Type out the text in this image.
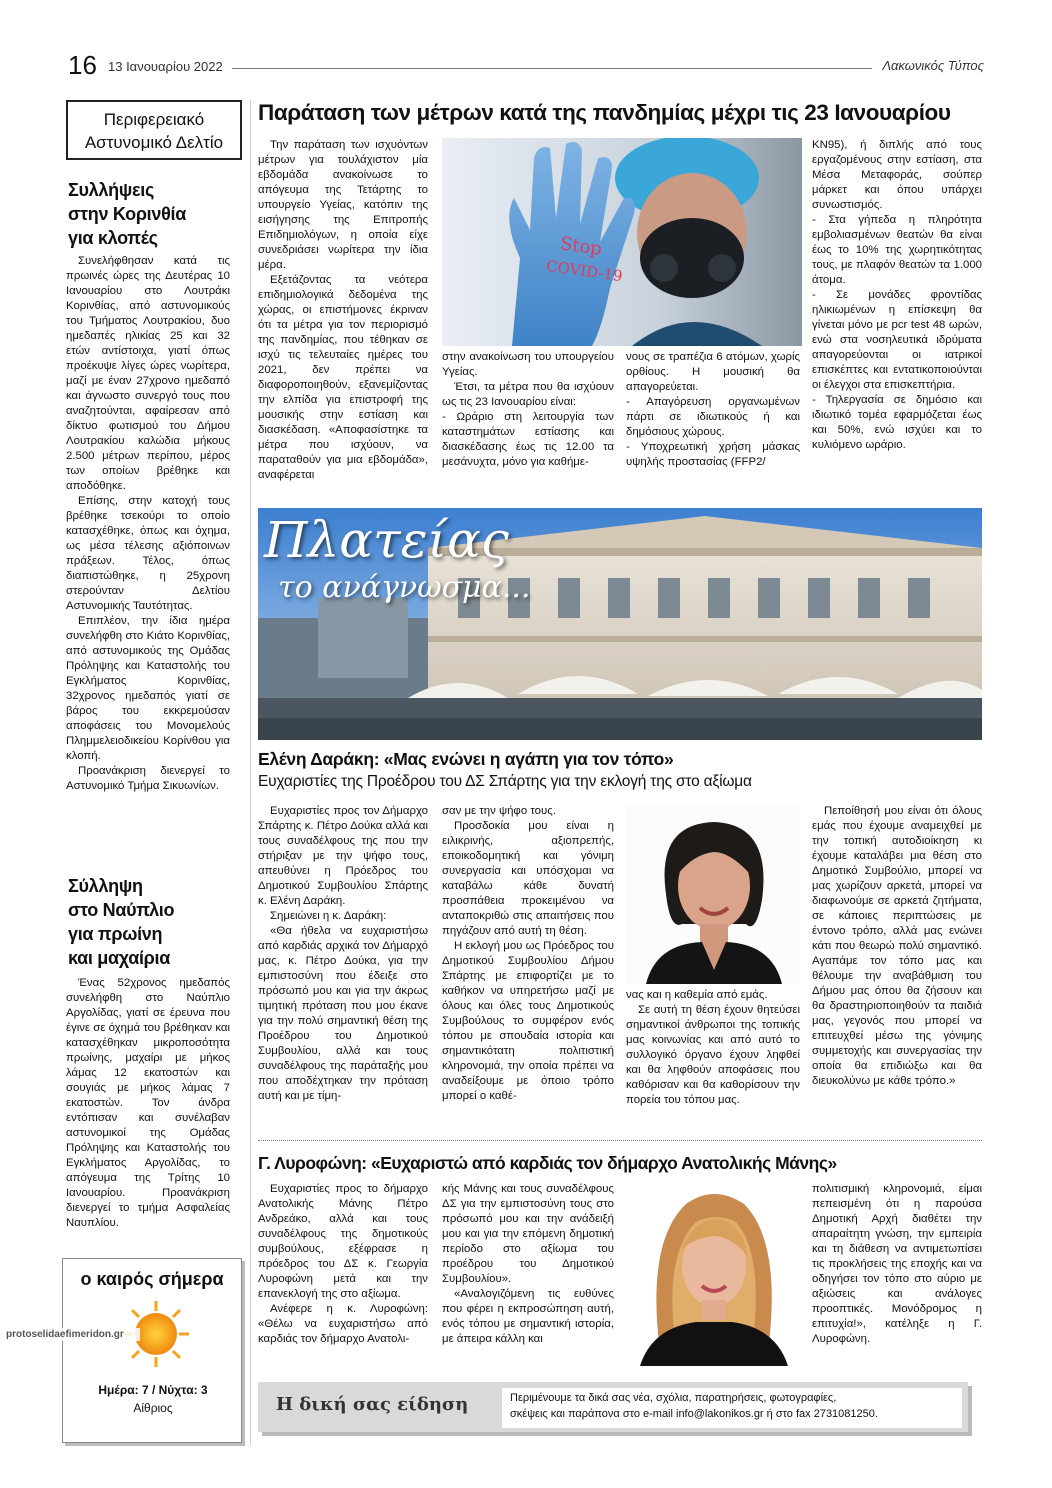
16 13 Ιανουαρίου 2022	Λακωνικός Τύπος
Περιφερειακό
Αστυνομικό Δελτίο
Συλλήψεις
στην Κορινθία
για κλοπές

Συνελήφθησαν κατά τις πρωινές ώρες της Δευτέρας 10 Ιανουαρίου στο Λουτράκι Κορινθίας, από αστυνομικούς του Τμήματος Λουτρακίου, δυο ημεδαπές ηλικίας 25 και 32 ετών αντίστοιχα, γιατί όπως προέκυψε λίγες ώρες νωρίτερα, μαζί με έναν 27χρονο ημεδαπό και άγνωστο συνεργό τους που αναζητούνται, αφαίρεσαν από δίκτυο φωτισμού του Δήμου Λουτρακίου καλώδια μήκους 2.500 μέτρων περίπου, μέρος των οποίων βρέθηκε και αποδόθηκε.

Επίσης, στην κατοχή τους βρέθηκε τσεκούρι το οποίο κατασχέθηκε, όπως και όχημα, ως μέσα τέλεσης αξιόποινων πράξεων. Τέλος, όπως διαπιστώθηκε, η 25χρονη στερούνταν Δελτίου Αστυνομικής Ταυτότητας.

Επιπλέον, την ίδια ημέρα συνελήφθη στο Κιάτο Κορινθίας, από αστυνομικούς της Ομάδας Πρόληψης και Καταστολής του Εγκλήματος Κορινθίας, 32χρονος ημεδαπός γιατί σε βάρος του εκκρεμούσαν αποφάσεις του Μονομελούς Πλημμελειοδικείου Κορίνθου για κλοπή.

Προανάκριση διενεργεί το Αστυνομικό Τμήμα Σικυωνίων.

Σύλληψη
στο Ναύπλιο
για πρωίνη
και μαχαίρια

Ένας 52χρονος ημεδαπός συνελήφθη στο Ναύπλιο Αργολίδας, γιατί σε έρευνα που έγινε σε όχημά του βρέθηκαν και κατασχέθηκαν μικροποσότητα πρωίνης, μαχαίρι με μήκος λάμας 12 εκατοστών και σουγιάς με μήκος λάμας 7 εκατοστών. Τον άνδρα εντόπισαν και συνέλαβαν αστυνομικοί της Ομάδας Πρόληψης και Καταστολής του Εγκλήματος Αργολίδας, το απόγευμα της Τρίτης 10 Ιανουαρίου. Προανάκριση διενεργεί το τμήμα Ασφαλείας Ναυπλίου.

ο καιρός σήμερα
Ημέρα: 7 / Νύχτα: 3
Αίθριος
protoselidaefimeridon.gr
Παράταση των μέτρων κατά της πανδημίας μέχρι τις 23 Ιανουαρίου

Την παράταση των ισχυόντων μέτρων για τουλάχιστον μία εβδομάδα ανακοίνωσε το απόγευμα της Τετάρτης το υπουργείο Υγείας, κατόπιν της εισήγησης της Επιτροπής Επιδημιολόγων, η οποία είχε συνεδριάσει νωρίτερα την ίδια μέρα.

Εξετάζοντας τα νεότερα επιδημιολογικά δεδομένα της χώρας, οι επιστήμονες έκριναν ότι τα μέτρα για τον περιορισμό της πανδημίας, που τέθηκαν σε ισχύ τις τελευταίες ημέρες του 2021, δεν πρέπει να διαφοροποιηθούν, εξανεμίζοντας την ελπίδα για επιστροφή της μουσικής στην εστίαση και διασκέδαση. «Αποφασίστηκε τα μέτρα που ισχύουν, να παραταθούν για μια εβδομάδα», αναφέρεται

Stop
COVID-19

στην ανακοίνωση του υπουργείου Υγείας.

Έτσι, τα μέτρα που θα ισχύουν ως τις 23 Ιανουαρίου είναι:

- Ωράριο στη λειτουργία των καταστημάτων εστίασης και διασκέδασης έως τις 12.00 τα μεσάνυχτα, μόνο για καθήμε-

νους σε τραπέζια 6 ατόμων, χωρίς ορθίους. Η μουσική θα απαγορεύεται.

- Απαγόρευση οργανωμένων πάρτι σε ιδιωτικούς ή και δημόσιους χώρους.

- Υποχρεωτική χρήση μάσκας υψηλής προστασίας (FFP2/

KN95), ή διπλής από τους εργαζομένους στην εστίαση, στα Μέσα Μεταφοράς, σούπερ μάρκετ και όπου υπάρχει συνωστισμός.

- Στα γήπεδα η πληρότητα εμβολιασμένων θεατών θα είναι έως το 10% της χωρητικότητας τους, με πλαφόν θεατών τα 1.000 άτομα.

- Σε μονάδες φροντίδας ηλικιωμένων η επίσκεψη θα γίνεται μόνο με pcr test 48 ωρών, ενώ στα νοσηλευτικά ιδρύματα απαγορεύονται οι ιατρικοί επισκέπτες και εντατικοποιούνται οι έλεγχοι στα επισκεπτήρια.

- Τηλεργασία σε δημόσιο και ιδιωτικό τομέα εφαρμόζεται έως και 50%, ενώ ισχύει και το κυλιόμενο ωράριο.

Πλατείας
το ανάγνωσμα...
Ελένη Δαράκη: «Μας ενώνει η αγάπη για τον τόπο»
Ευχαριστίες της Προέδρου του ΔΣ Σπάρτης για την εκλογή της στο αξίωμα

Ευχαριστίες προς τον Δήμαρχο Σπάρτης κ. Πέτρο Δούκα αλλά και τους συναδέλφους της που την στήριξαν με την ψήφο τους, απευθύνει η Πρόεδρος του Δημοτικού Συμβουλίου Σπάρτης κ. Ελένη Δαράκη.

Σημειώνει η κ. Δαράκη:

«Θα ήθελα να ευχαριστήσω από καρδιάς αρχικά τον Δήμαρχό μας, κ. Πέτρο Δούκα, για την εμπιστοσύνη που έδειξε στο πρόσωπό μου και για την άκρως τιμητική πρόταση που μου έκανε για την πολύ σημαντική θέση της Προέδρου του Δημοτικού Συμβουλίου, αλλά και τους συναδέλφους της παράταξής μου που αποδέχτηκαν την πρόταση αυτή και με τίμη-

σαν με την ψήφο τους.

Προσδοκία μου είναι η ειλικρινής, αξιοπρεπής, εποικοδομητική και γόνιμη συνεργασία και υπόσχομαι να καταβάλω κάθε δυνατή προσπάθεια προκειμένου να ανταποκριθώ στις απαιτήσεις που πηγάζουν από αυτή τη θέση.

Η εκλογή μου ως Πρόεδρος του Δημοτικού Συμβουλίου Δήμου Σπάρτης με επιφορτίζει με το καθήκον να υπηρετήσω μαζί με όλους και όλες τους Δημοτικούς Συμβούλους το συμφέρον ενός τόπου με σπουδαία ιστορία και σημαντικότατη πολιτιστική κληρονομιά, την οποία πρέπει να αναδείξουμε με όποιο τρόπο μπορεί ο καθέ-

νας και η καθεμία από εμάς.

Σε αυτή τη θέση έχουν θητεύσει σημαντικοί άνθρωποι της τοπικής μας κοινωνίας και από αυτό το συλλογικό όργανο έχουν ληφθεί και θα ληφθούν αποφάσεις που καθόρισαν και θα καθορίσουν την πορεία του τόπου μας.

Πεποίθησή μου είναι ότι όλους εμάς που έχουμε αναμειχθεί με την τοπική αυτοδιοίκηση κι έχουμε καταλάβει μια θέση στο Δημοτικό Συμβούλιο, μπορεί να μας χωρίζουν αρκετά, μπορεί να διαφωνούμε σε αρκετά ζητήματα, σε κάποιες περιπτώσεις με έντονο τρόπο, αλλά μας ενώνει κάτι που θεωρώ πολύ σημαντικό. Αγαπάμε τον τόπο μας και θέλουμε την αναβάθμιση του Δήμου μας όπου θα ζήσουν και θα δραστηριοποιηθούν τα παιδιά μας, γεγονός που μπορεί να επιτευχθεί μέσω της γόνιμης συμμετοχής και συνεργασίας την οποία θα επιδιώξω και θα διευκολύνω με κάθε τρόπο.»

Γ. Λυροφώνη: «Ευχαριστώ από καρδιάς τον δήμαρχο Ανατολικής Μάνης»

Ευχαριστίες προς το δήμαρχο Ανατολικής Μάνης Πέτρο Ανδρεάκο, αλλά και τους συναδέλφους της δημοτικούς συμβούλους, εξέφρασε η πρόεδρος του ΔΣ κ. Γεωργία Λυροφώνη μετά και την επανεκλογή της στο αξίωμα.

Ανέφερε η κ. Λυροφώνη: «Θέλω να ευχαριστήσω από καρδιάς τον δήμαρχο Ανατολι-

κής Μάνης και τους συναδέλφους ΔΣ για την εμπιστοσύνη τους στο πρόσωπό μου και την ανάδειξή μου και για την επόμενη δημοτική περίοδο στο αξίωμα του προέδρου του Δημοτικού Συμβουλίου».

«Αναλογιζόμενη τις ευθύνες που φέρει η εκπροσώπηση αυτή, ενός τόπου με σημαντική ιστορία, με άπειρα κάλλη και

πολιτισμική κληρονομιά, είμαι πεπεισμένη ότι η παρούσα Δημοτική Αρχή διαθέτει την απαραίτητη γνώση, την εμπειρία και τη διάθεση να αντιμετωπίσει τις προκλήσεις της εποχής και να οδηγήσει τον τόπο στο αύριο με αξιώσεις και ανάλογες προοπτικές. Μονόδρομος η επιτυχία!», κατέληξε η Γ. Λυροφώνη.

Η δική σας είδηση	Περιμένουμε τα δικά σας νέα, σχόλια, παρατηρήσεις, φωτογραφίες,
σκέψεις και παράπονα στο e-mail info@lakonikos.gr ή στο fax 2731081250.
